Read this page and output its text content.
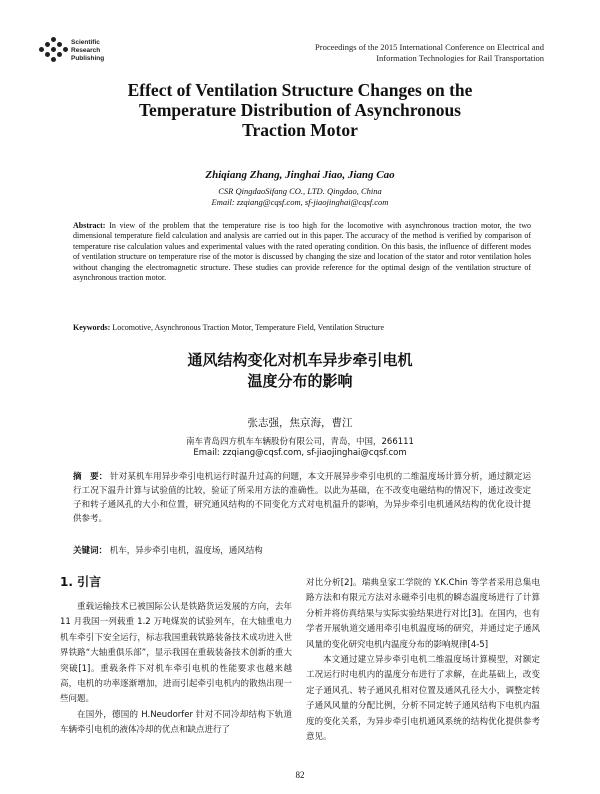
Scientific
Research
Publishing
Proceedings of the 2015 International Conference on Electrical and
Information Technologies for Rail Transportation
Effect of Ventilation Structure Changes on the
Temperature Distribution of Asynchronous
Traction Motor
Zhiqiang Zhang, Jinghai Jiao, Jiang Cao
CSR QingdaoSifang CO., LTD. Qingdao, China
Email: zzqiang@cqsf.com, sf-jiaojinghai@cqsf.com
Abstract: In view of the problem that the temperature rise is too high for the locomotive with asynchronous traction motor, the two dimensional temperature field calculation and analysis are carried out in this paper. The accuracy of the method is verified by comparison of temperature rise calculation values and experimental values with the rated operating condition. On this basis, the influence of different modes of ventilation structure on temperature rise of the motor is discussed by changing the size and location of the stator and rotor ventilation holes without changing the electromagnetic structure. These studies can provide reference for the optimal design of the ventilation structure of asynchronous traction motor.
Keywords: Locomotive, Asynchronous Traction Motor, Temperature Field, Ventilation Structure
通风结构变化对机车异步牵引电机
温度分布的影响
张志强，焦京海，曹江
南车青岛四方机车车辆股份有限公司，青岛，中国，266111
Email: zzqiang@cqsf.com, sf-jiaojinghai@cqsf.com
摘　要： 针对某机车用异步牵引电机运行时温升过高的问题，本文开展异步牵引电机的二维温度场计算分析，通过额定运行工况下温升计算与试验值的比较，验证了所采用方法的准确性。以此为基础，在不改变电磁结构的情况下，通过改变定子和转子通风孔的大小和位置，研究通风结构的不同变化方式对电机温升的影响，为异步牵引电机通风结构的优化设计提供参考。
关键词： 机车，异步牵引电机，温度场，通风结构
1. 引言

重载运输技术已被国际公认是铁路货运发展的方向，去年 11 月我国一列载重 1.2 万吨煤炭的试验列车，在大轴重电力机车牵引下安全运行，标志我国重载铁路装备技术成功进入世界铁路“大轴重俱乐部”，显示我国在重载装备技术创新的重大突破[1]。重载条件下对机车牵引电机的性能要求也越来越高，电机的功率逐渐增加，进而引起牵引电机内的散热出现一些问题。

在国外，德国的 H.Neudorfer 针对不同冷却结构下轨道车辆牵引电机的液体冷却的优点和缺点进行了

对比分析[2]。瑞典皇家工学院的 Y.K.Chin 等学者采用总集电路方法和有限元方法对永磁牵引电机的瞬态温度场进行了计算分析并将仿真结果与实际实验结果进行对比[3]。在国内，也有学者开展轨道交通用牵引电机温度场的研究，并通过定子通风风量的变化研究电机内温度分布的影响规律[4-5]

本文通过建立异步牵引电机二维温度场计算模型，对额定工况运行时电机内的温度分布进行了求解，在此基础上，改变定子通风孔、转子通风孔相对位置及通风孔径大小，调整定转子通风风量的分配比例，分析不同定转子通风结构下电机内温度的变化关系，为异步牵引电机通风系统的结构优化提供参考意见。

82
